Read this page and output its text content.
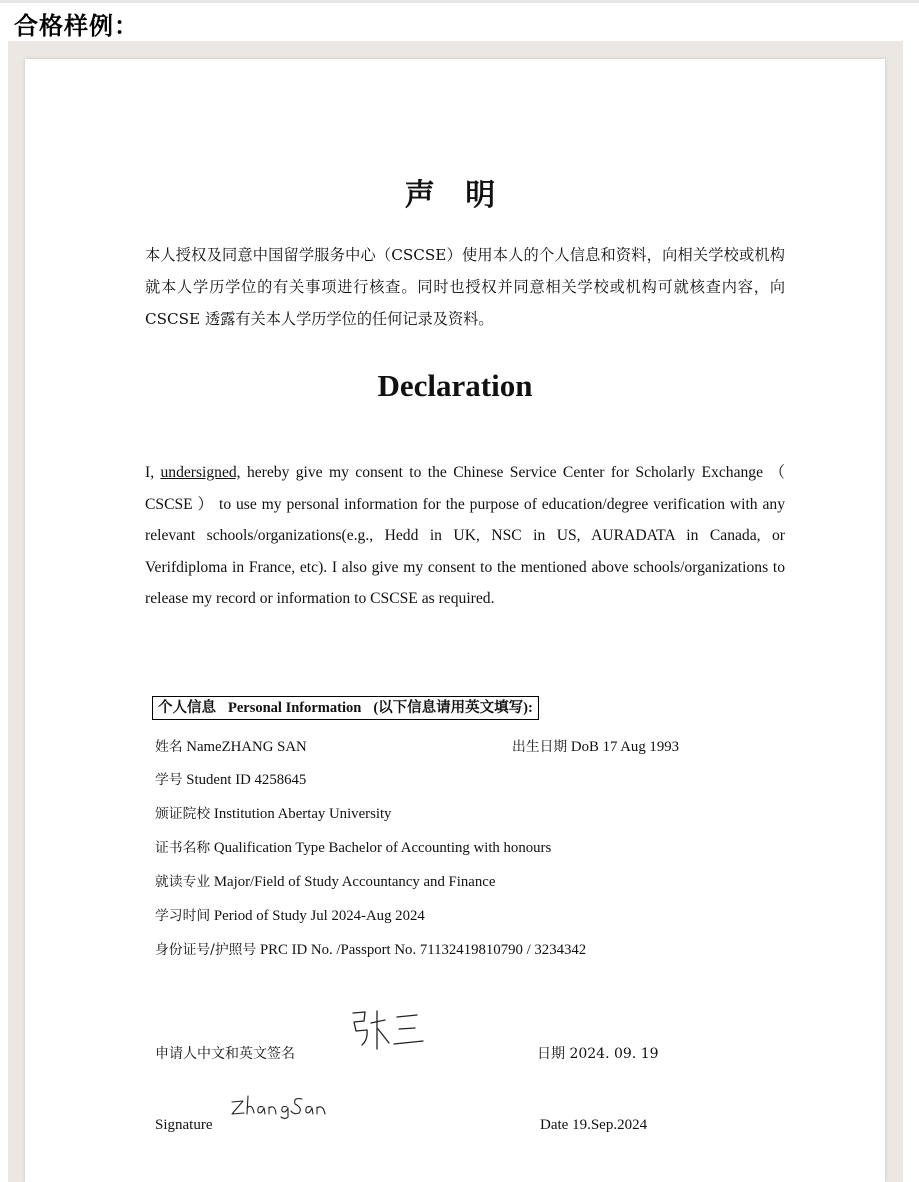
合格样例：
声 明
本人授权及同意中国留学服务中心（CSCSE）使用本人的个人信息和资料，向相关学校或机构就本人学历学位的有关事项进行核查。同时也授权并同意相关学校或机构可就核查内容，向 CSCSE 透露有关本人学历学位的任何记录及资料。
Declaration
I, undersigned, hereby give my consent to the Chinese Service Center for Scholarly Exchange （ CSCSE ） to use my personal information for the purpose of education/degree verification with any relevant schools/organizations(e.g., Hedd in UK, NSC in US, AURADATA in Canada, or Verifdiploma in France, etc). I also give my consent to the mentioned above schools/organizations to release my record or information to CSCSE as required.
个人信息 Personal Information (以下信息请用英文填写):
姓名 NameZHANG SAN	出生日期 DoB 17 Aug 1993
学号 Student ID 4258645
颁证院校 Institution Abertay University
证书名称 Qualification Type Bachelor of Accounting with honours
就读专业 Major/Field of Study Accountancy and Finance
学习时间 Period of Study Jul 2024-Aug 2024
身份证号/护照号 PRC ID No. /Passport No. 71132419810790 / 3234342
申请人中文和英文签名	日期 2024. 09. 19
Signature	Date 19.Sep.2024
